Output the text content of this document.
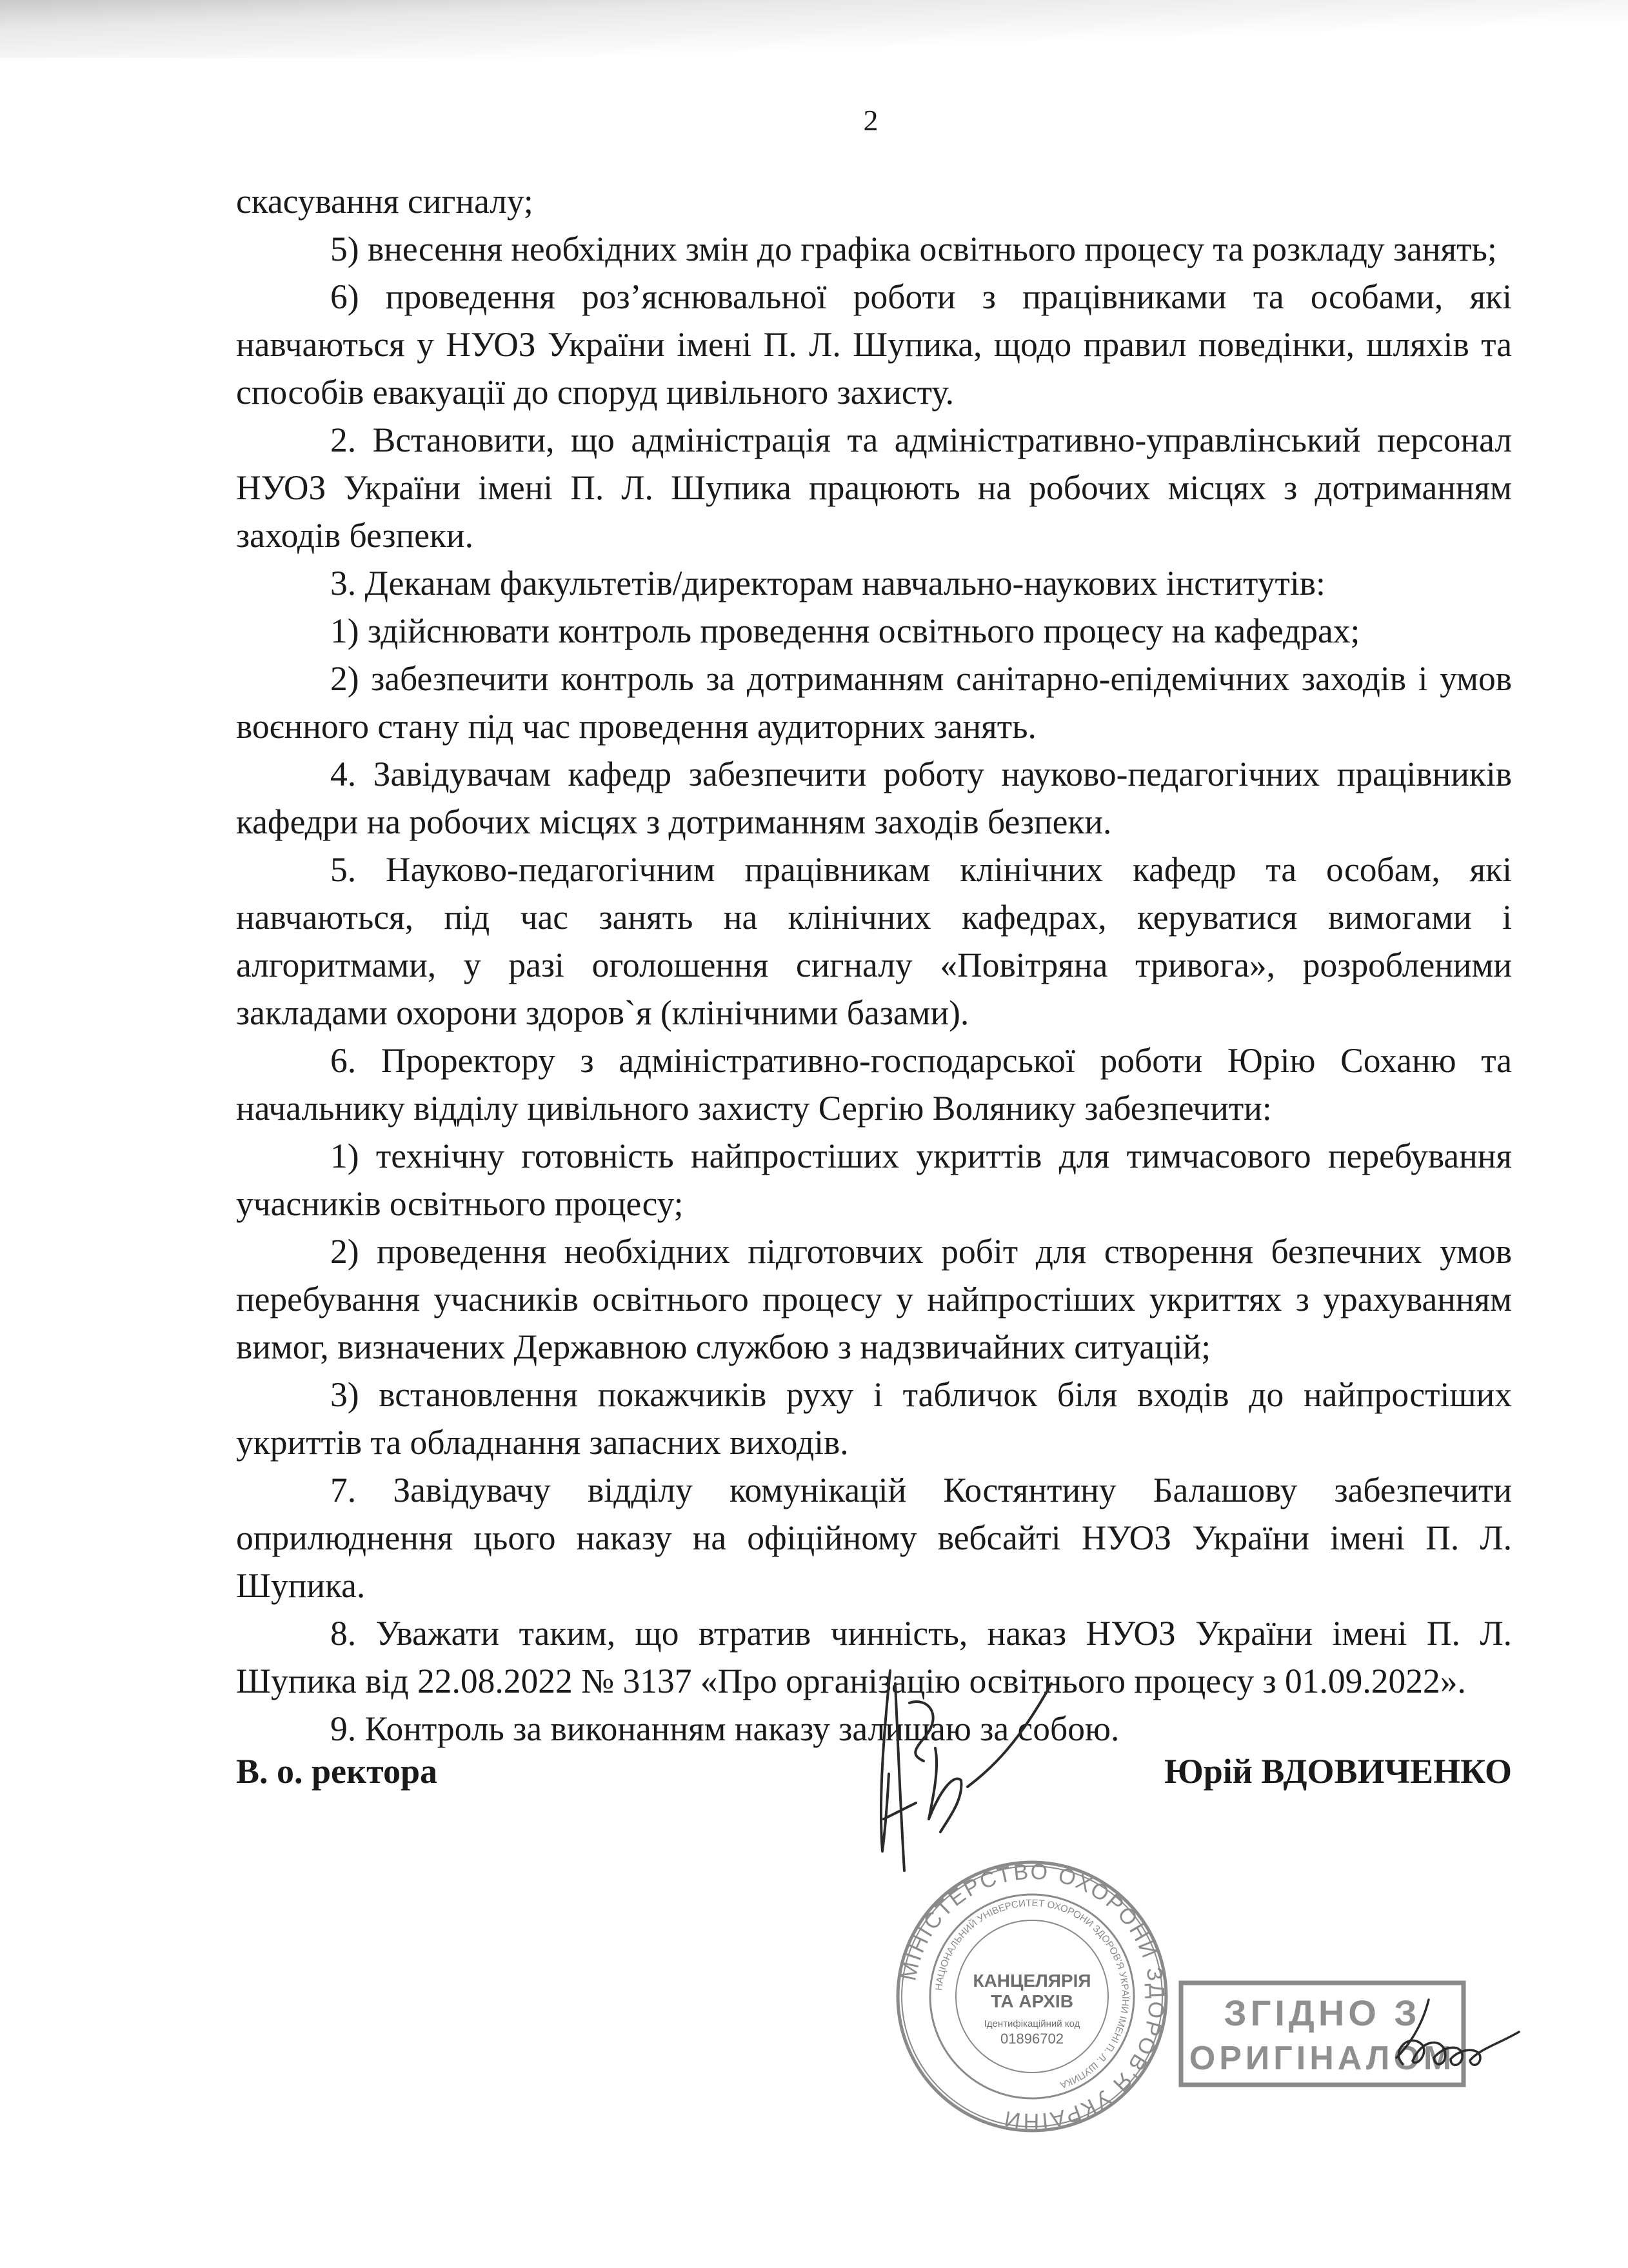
2

скасування сигналу;

5) внесення необхідних змін до графіка освітнього процесу та розкладу занять;

6) проведення роз’яснювальної роботи з працівниками та особами, які навчаються у НУОЗ України імені П. Л. Шупика, щодо правил поведінки, шляхів та способів евакуації до споруд цивільного захисту.

2. Встановити, що адміністрація та адміністративно-управлінський персонал НУОЗ України імені П. Л. Шупика працюють на робочих місцях з дотриманням заходів безпеки.

3. Деканам факультетів/директорам навчально-наукових інститутів:

1) здійснювати контроль проведення освітнього процесу на кафедрах;

2) забезпечити контроль за дотриманням санітарно-епідемічних заходів і умов воєнного стану під час проведення аудиторних занять.

4. Завідувачам кафедр забезпечити роботу науково-педагогічних працівників кафедри на робочих місцях з дотриманням заходів безпеки.

5. Науково-педагогічним працівникам клінічних кафедр та особам, які навчаються, під час занять на клінічних кафедрах, керуватися вимогами і алгоритмами, у разі оголошення сигналу «Повітряна тривога», розробленими закладами охорони здоров`я (клінічними базами).

6. Проректору з адміністративно-господарської роботи Юрію Соханю та начальнику відділу цивільного захисту Сергію Волянику забезпечити:

1) технічну готовність найпростіших укриттів для тимчасового перебування учасників освітнього процесу;

2) проведення необхідних підготовчих робіт для створення безпечних умов перебування учасників освітнього процесу у найпростіших укриттях з урахуванням вимог, визначених Державною службою з надзвичайних ситуацій;

3) встановлення покажчиків руху і табличок біля входів до найпростіших укриттів та обладнання запасних виходів.

7. Завідувачу відділу комунікацій Костянтину Балашову забезпечити оприлюднення цього наказу на офіційному вебсайті НУОЗ України імені П. Л. Шупика.

8. Уважати таким, що втратив чинність, наказ НУОЗ України імені П. Л. Шупика від 22.08.2022 № 3137 «Про організацію освітнього процесу з 01.09.2022».

9. Контроль за виконанням наказу залишаю за собою.

В. о. ректора	Юрій ВДОВИЧЕНКО
МІНІСТЕРСТВО ОХОРОНИ ЗДОРОВ'Я УКРАЇНИ
НАЦІОНАЛЬНИЙ УНІВЕРСИТЕТ ОХОРОНИ ЗДОРОВ'Я УКРАЇНИ ІМЕНІ П. Л. ШУПИКА
КАНЦЕЛЯРІЯ
ТА АРХІВ
Ідентифікаційний код
01896702
ЗГІДНО З
ОРИГІНАЛОМ
